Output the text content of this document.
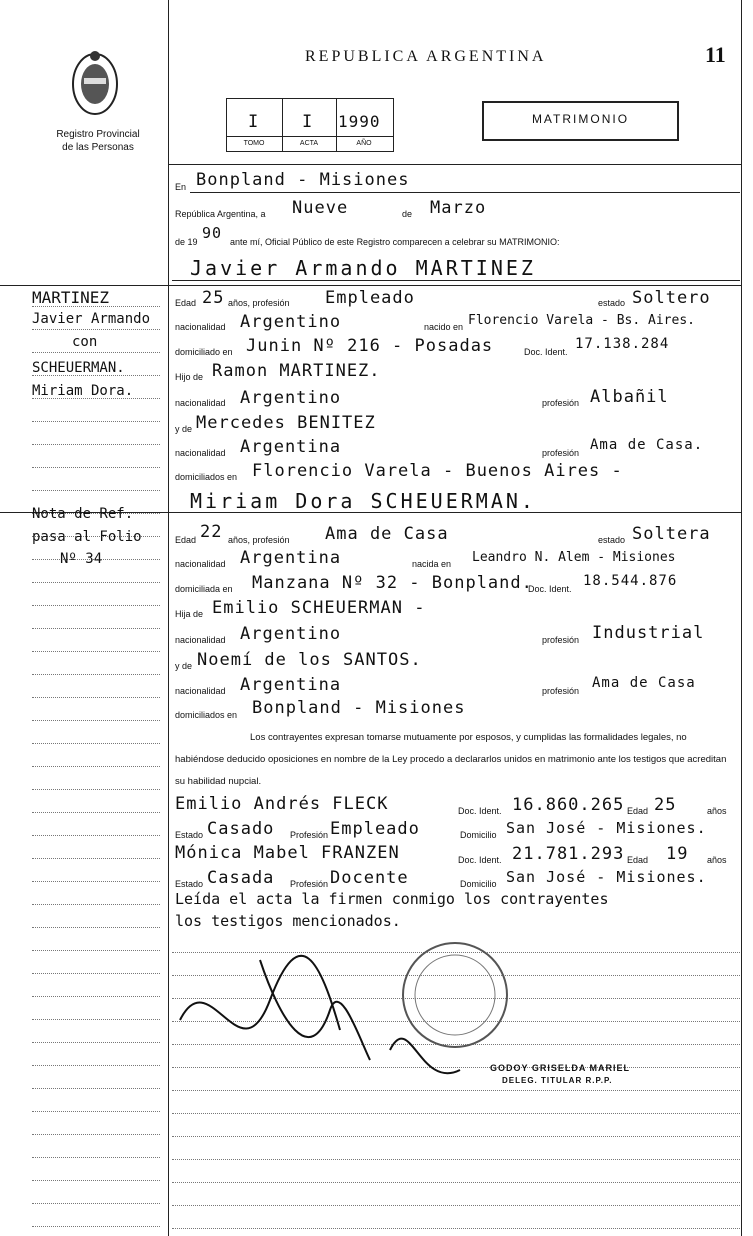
Registro Provincial
de las Personas
REPUBLICA ARGENTINA	11
I	I 1990
TOMO	ACTA	AÑO
MATRIMONIO
MARTINEZ
Javier Armando
con
SCHEUERMAN.
Miriam Dora.
Nota de Ref.
pasa al Folio
Nº 34
En Bonpland - Misiones
República Argentina, a Nueve	de Marzo
de 19 90 ante mí, Oficial Público de este Registro comparecen a celebrar su MATRIMONIO:
Javier Armando MARTINEZ
Edad 25 años, profesión Empleado	estado Soltero
nacionalidad Argentino	nacido en Florencio Varela - Bs. Aires.
domiciliado en Junin Nº 216 - Posadas	Doc. Ident. 17.138.284
Hijo de Ramon MARTINEZ.
nacionalidad Argentino	profesión Albañil
y de Mercedes BENITEZ
nacionalidad Argentina	profesión Ama de Casa.
domiciliados en Florencio Varela - Buenos Aires -
Miriam Dora SCHEUERMAN.
Edad 22 años, profesión Ama de Casa	estado Soltera
nacionalidad Argentina	nacida en Leandro N. Alem - Misiones
domiciliada en Manzana Nº 32 - Bonpland.
Doc. Ident. 18.544.876
Hija de Emilio SCHEUERMAN -
nacionalidad Argentino	profesión Industrial
y de Noemí de los SANTOS.
nacionalidad Argentina	profesión Ama de Casa
domiciliados en Bonpland - Misiones
Los contrayentes expresan tomarse mutuamente por esposos, y cumplidas las formalidades legales, no habiéndose deducido oposiciones en nombre de la Ley procedo a declararlos unidos en matrimonio ante los testigos que acreditan su habilidad nupcial.
Emilio Andrés FLECK	Doc. Ident. 16.860.265 Edad 25	años
Estado Casado Profesión Empleado	Domicilio San José - Misiones.
Mónica Mabel FRANZEN	Doc. Ident. 21.781.293 Edad 19 años
Estado Casada Profesión Docente	Domicilio San José - Misiones.
Leída el acta la firmen conmigo los contrayentes
los testigos mencionados.
GODOY GRISELDA MARIEL
DELEG. TITULAR R.P.P.
